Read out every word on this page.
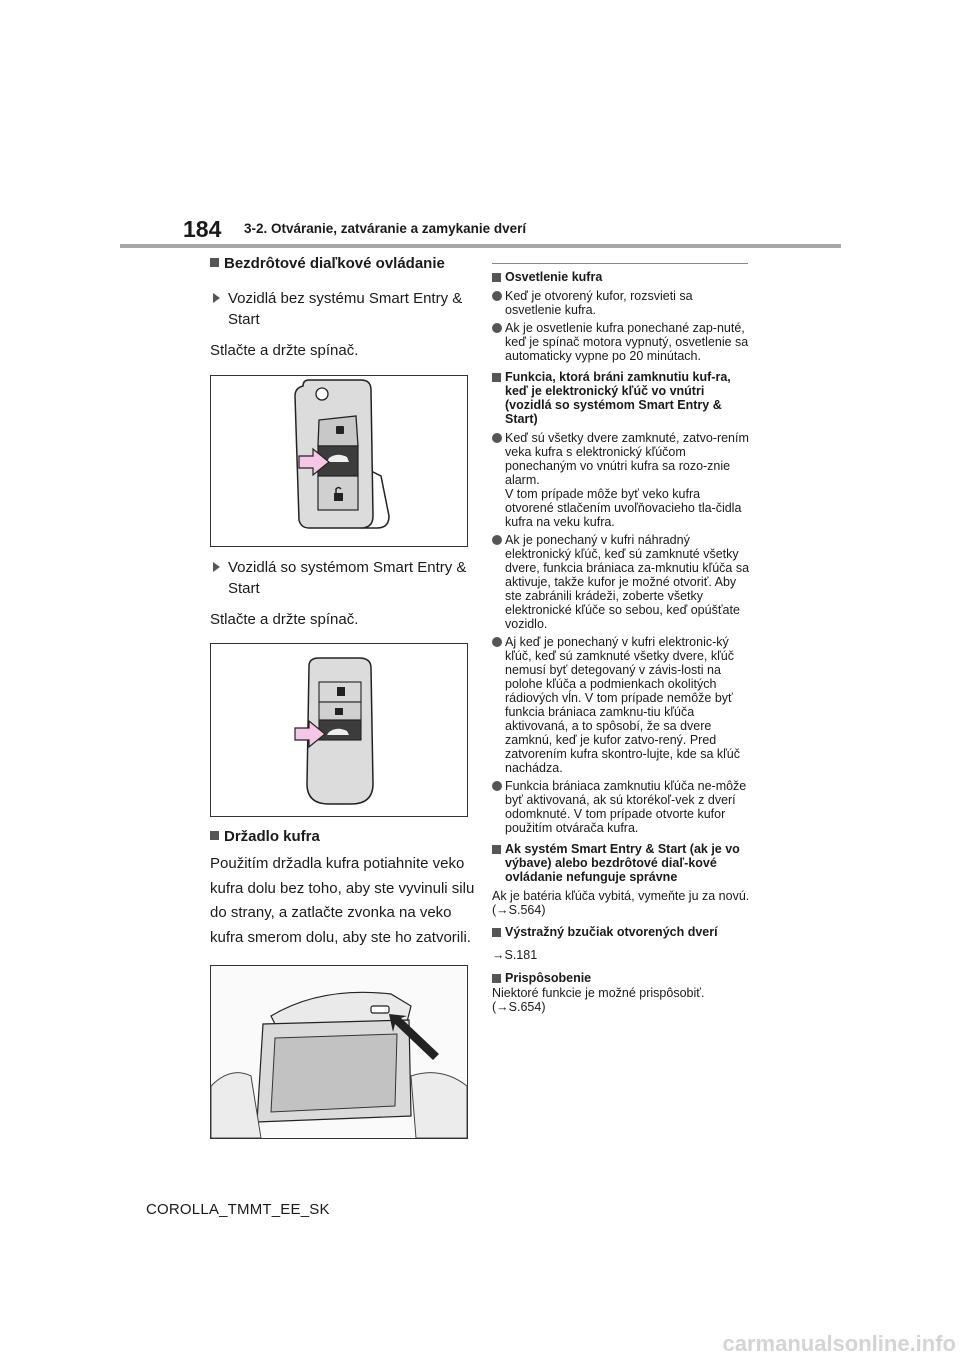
184 3-2. Otváranie, zatváranie a zamykanie dverí

Bezdrôtové diaľkové ovládanie

Vozidlá bez systému Smart Entry & Start

Stlačte a držte spínač.

Vozidlá so systémom Smart Entry & Start

Stlačte a držte spínač.

Držadlo kufra

Použitím držadla kufra potiahnite veko kufra dolu bez toho, aby ste vyvinuli silu do strany, a zatlačte zvonka na veko kufra smerom dolu, aby ste ho zatvorili.

Osvetlenie kufra

Keď je otvorený kufor, rozsvieti sa osvetlenie kufra.

Ak je osvetlenie kufra ponechané zap-nuté, keď je spínač motora vypnutý, osvetlenie sa automaticky vypne po 20 minútach.

Funkcia, ktorá bráni zamknutiu kuf-ra, keď je elektronický kľúč vo vnútri (vozidlá so systémom Smart Entry & Start)

Keď sú všetky dvere zamknuté, zatvo-rením veka kufra s elektronický kľúčom ponechaným vo vnútri kufra sa rozo-znie alarm.
V tom prípade môže byť veko kufra otvorené stlačením uvoľňovacieho tla-čidla kufra na veku kufra.

Ak je ponechaný v kufri náhradný elektronický kľúč, keď sú zamknuté všetky dvere, funkcia brániaca za-mknutiu kľúča sa aktivuje, takže kufor je možné otvoriť. Aby ste zabránili krádeži, zoberte všetky elektronické kľúče so sebou, keď opúšťate vozidlo.

Aj keď je ponechaný v kufri elektronic-ký kľúč, keď sú zamknuté všetky dvere, kľúč nemusí byť detegovaný v závis-losti na polohe kľúča a podmienkach okolitých rádiových vĺn. V tom prípade nemôže byť funkcia brániaca zamknu-tiu kľúča aktivovaná, a to spôsobí, že sa dvere zamknú, keď je kufor zatvo-rený. Pred zatvorením kufra skontro-lujte, kde sa kľúč nachádza.

Funkcia brániaca zamknutiu kľúča ne-môže byť aktivovaná, ak sú ktorékoľ-vek z dverí odomknuté. V tom prípade otvorte kufor použitím otvárača kufra.

Ak systém Smart Entry & Start (ak je vo výbave) alebo bezdrôtové diaľ-kové ovládanie nefunguje správne

Ak je batéria kľúča vybitá, vymeňte ju za novú. (→S.564)

Výstražný bzučiak otvorených dverí

→S.181

Prispôsobenie

Niektoré funkcie je možné prispôsobiť. (→S.654)

COROLLA_TMMT_EE_SK
carmanualsonline.info
